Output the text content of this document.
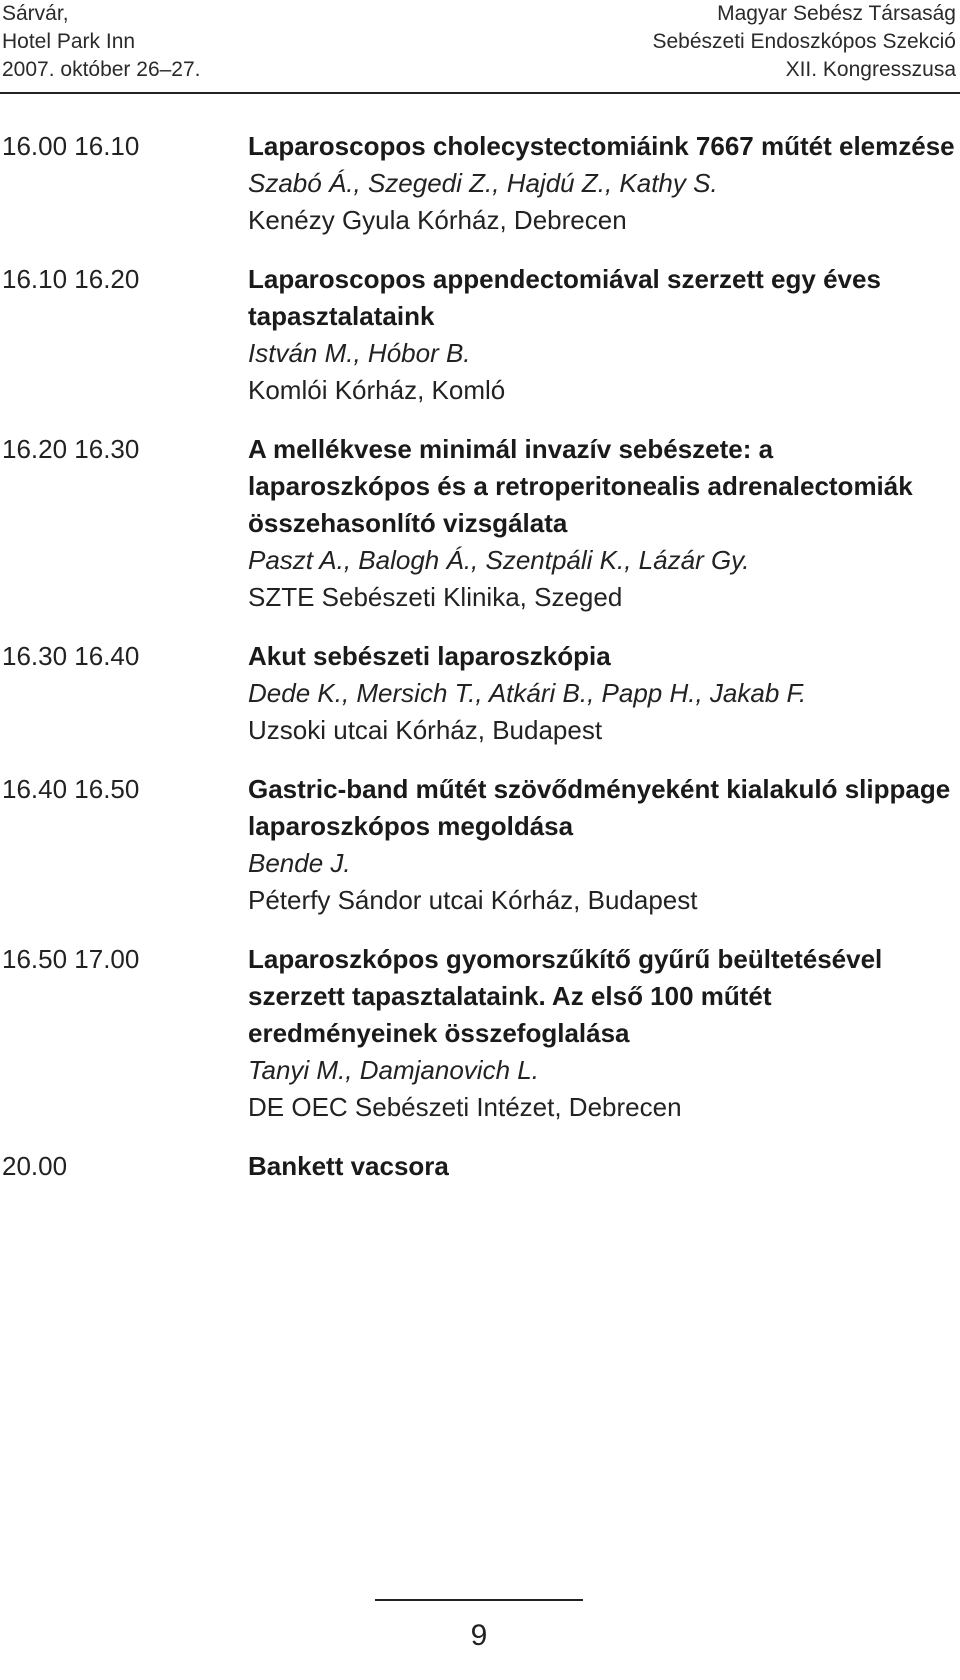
Sárvár,
Hotel Park Inn
2007. október 26–27.
Magyar Sebész Társaság
Sebészeti Endoszkópos Szekció
XII. Kongresszusa
16.00 16.10	Laparoscopos cholecystectomiáink 7667 műtét elemzése
Szabó Á., Szegedi Z., Hajdú Z., Kathy S.
Kenézy Gyula Kórház, Debrecen
16.10 16.20	Laparoscopos appendectomiával szerzett egy éves tapasztalataink
István M., Hóbor B.
Komlói Kórház, Komló
16.20 16.30	A mellékvese minimál invazív sebészete: a laparoszkópos és a retroperitonealis adrenalectomiák összehasonlító vizsgálata
Paszt A., Balogh Á., Szentpáli K., Lázár Gy.
SZTE Sebészeti Klinika, Szeged
16.30 16.40	Akut sebészeti laparoszkópia
Dede K., Mersich T., Atkári B., Papp H., Jakab F.
Uzsoki utcai Kórház, Budapest
16.40 16.50	Gastric-band műtét szövődményeként kialakuló slippage laparoszkópos megoldása
Bende J.
Péterfy Sándor utcai Kórház, Budapest
16.50 17.00	Laparoszkópos gyomorszűkítő gyűrű beültetésével szerzett tapasztalataink. Az első 100 műtét eredményeinek összefoglalása
Tanyi M., Damjanovich L.
DE OEC Sebészeti Intézet, Debrecen
20.00	Bankett vacsora
9
